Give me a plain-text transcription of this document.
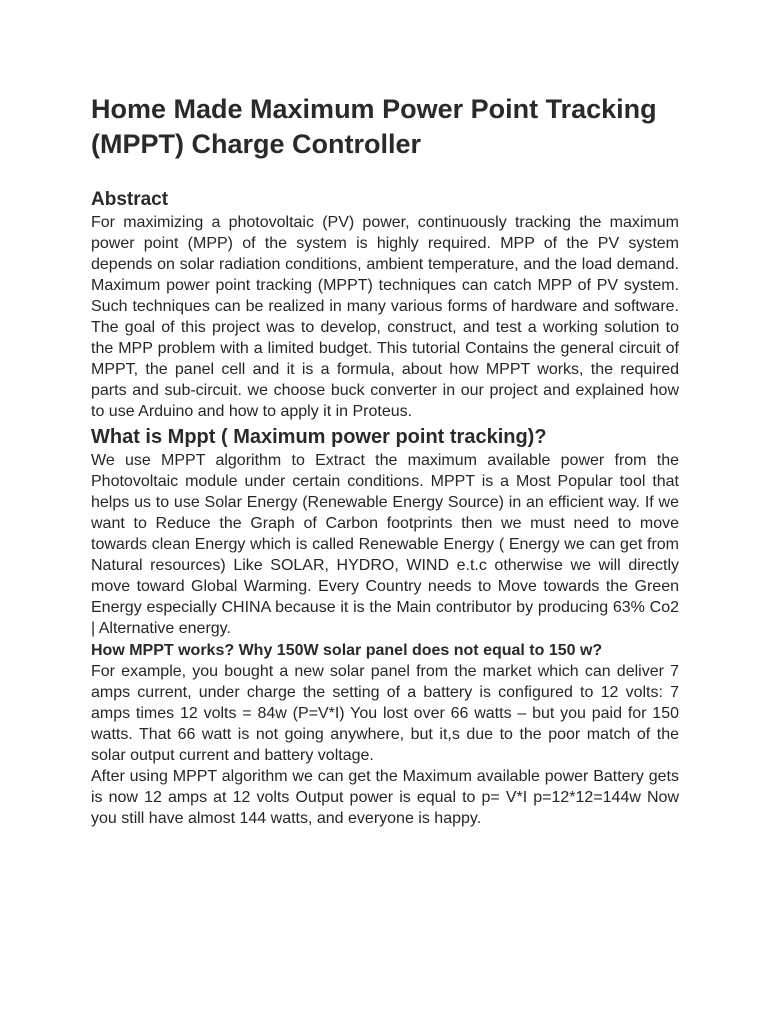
Home Made Maximum Power Point Tracking (MPPT) Charge Controller
Abstract

For maximizing a photovoltaic (PV) power, continuously tracking the maximum power point (MPP) of the system is highly required. MPP of the PV system depends on solar radiation conditions, ambient temperature, and the load demand. Maximum power point tracking (MPPT) techniques can catch MPP of PV system. Such techniques can be realized in many various forms of hardware and software. The goal of this project was to develop, construct, and test a working solution to the MPP problem with a limited budget. This tutorial Contains the general circuit of MPPT, the panel cell and it is a formula, about how MPPT works, the required parts and sub-circuit. we choose buck converter in our project and explained how to use Arduino and how to apply it in Proteus.

What is Mppt ( Maximum power point tracking)?

We use MPPT algorithm to Extract the maximum available power from the Photovoltaic module under certain conditions. MPPT is a Most Popular tool that helps us to use Solar Energy (Renewable Energy Source) in an efficient way. If we want to Reduce the Graph of Carbon footprints then we must need to move towards clean Energy which is called Renewable Energy ( Energy we can get from Natural resources) Like SOLAR, HYDRO, WIND e.t.c otherwise we will directly move toward Global Warming. Every Country needs to Move towards the Green Energy especially CHINA because it is the Main contributor by producing 63% Co2 | Alternative energy.

How MPPT works? Why 150W solar panel does not equal to 150 w?

For example, you bought a new solar panel from the market which can deliver 7 amps current, under charge the setting of a battery is configured to 12 volts: 7 amps times 12 volts = 84w (P=V*I) You lost over 66 watts – but you paid for 150 watts. That 66 watt is not going anywhere, but it,s due to the poor match of the solar output current and battery voltage.

After using MPPT algorithm we can get the Maximum available power Battery gets is now 12 amps at 12 volts Output power is equal to p= V*I p=12*12=144w Now you still have almost 144 watts, and everyone is happy.
